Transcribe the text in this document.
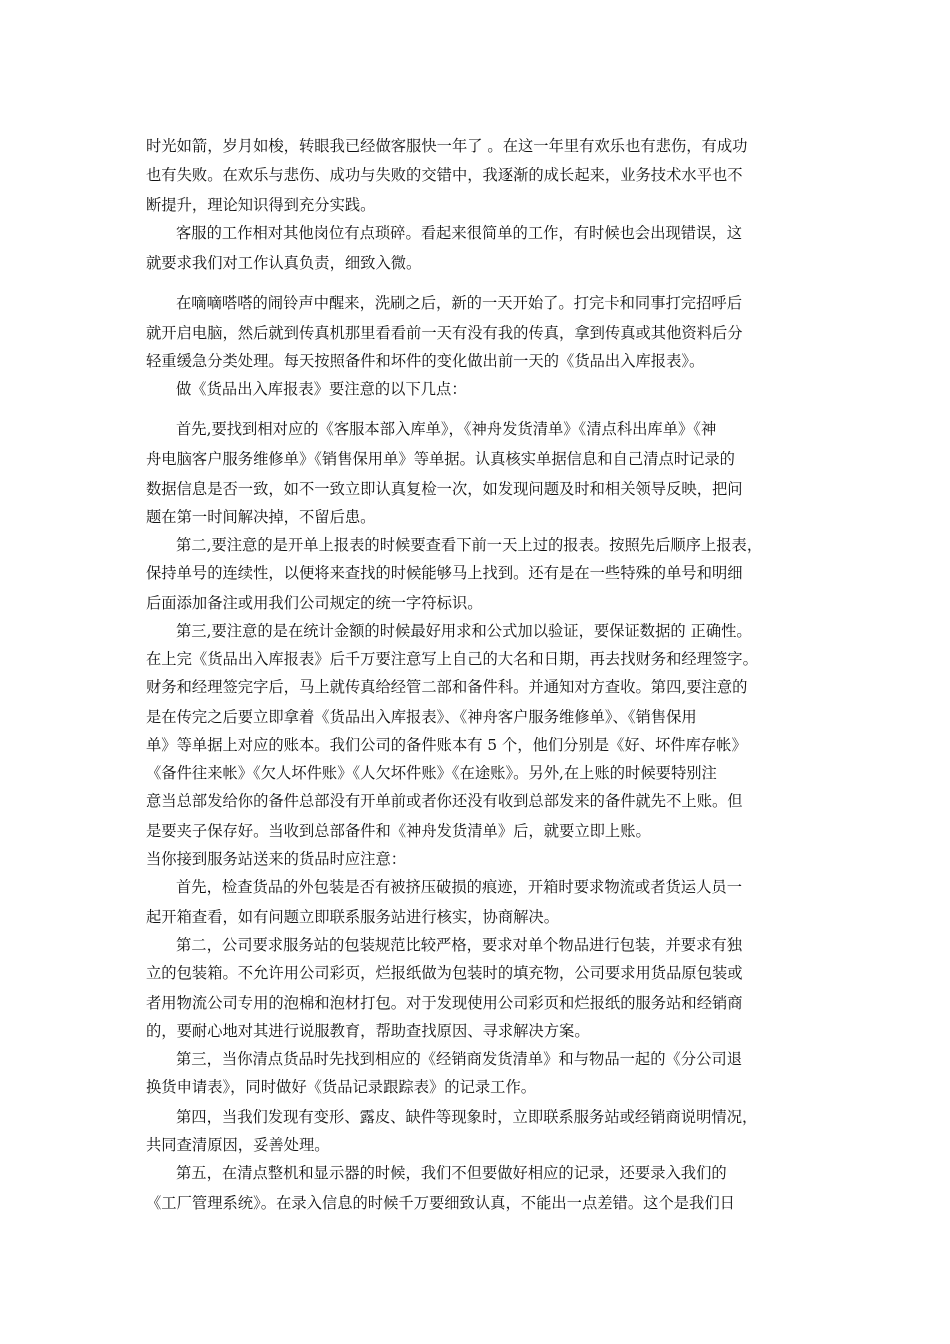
时光如箭，岁月如梭，转眼我已经做客服快一年了 。在这一年里有欢乐也有悲伤，有成功
也有失败。在欢乐与悲伤、成功与失败的交错中，我逐渐的成长起来，业务技术水平也不
断提升，理论知识得到充分实践。
客服的工作相对其他岗位有点琐碎。看起来很简单的工作，有时候也会出现错误，这
就要求我们对工作认真负责，细致入微。
在嘀嘀嗒嗒的闹铃声中醒来，洗刷之后，新的一天开始了。打完卡和同事打完招呼后
就开启电脑，然后就到传真机那里看看前一天有没有我的传真，拿到传真或其他资料后分
轻重缓急分类处理。每天按照备件和坏件的变化做出前一天的《货品出入库报表》。
做《货品出入库报表》要注意的以下几点：
首先,要找到相对应的《客服本部入库单》，《神舟发货清单》《清点科出库单》《神
舟电脑客户服务维修单》《销售保用单》等单据。认真核实单据信息和自己清点时记录的
数据信息是否一致，如不一致立即认真复检一次，如发现问题及时和相关领导反映，把问
题在第一时间解决掉，不留后患。
第二,要注意的是开单上报表的时候要查看下前一天上过的报表。按照先后顺序上报表，
保持单号的连续性，以便将来查找的时候能够马上找到。还有是在一些特殊的单号和明细
后面添加备注或用我们公司规定的统一字符标识。
第三,要注意的是在统计金额的时候最好用求和公式加以验证，要保证数据的 正确性。
在上完《货品出入库报表》后千万要注意写上自己的大名和日期，再去找财务和经理签字。
财务和经理签完字后，马上就传真给经管二部和备件科。并通知对方查收。第四,要注意的
是在传完之后要立即拿着《货品出入库报表》、《神舟客户服务维修单》、《销售保用
单》等单据上对应的账本。我们公司的备件账本有 5 个，他们分别是《好、坏件库存帐》
《备件往来帐》《欠人坏件账》《人欠坏件账》《在途账》。另外,在上账的时候要特别注
意当总部发给你的备件总部没有开单前或者你还没有收到总部发来的备件就先不上账。但
是要夹子保存好。当收到总部备件和《神舟发货清单》后，就要立即上账。
当你接到服务站送来的货品时应注意：
首先，检查货品的外包装是否有被挤压破损的痕迹，开箱时要求物流或者货运人员一
起开箱查看，如有问题立即联系服务站进行核实，协商解决。
第二，公司要求服务站的包装规范比较严格，要求对单个物品进行包装，并要求有独
立的包装箱。不允许用公司彩页，烂报纸做为包装时的填充物，公司要求用货品原包装或
者用物流公司专用的泡棉和泡材打包。对于发现使用公司彩页和烂报纸的服务站和经销商
的，要耐心地对其进行说服教育，帮助查找原因、寻求解决方案。
第三，当你清点货品时先找到相应的《经销商发货清单》和与物品一起的《分公司退
换货申请表》，同时做好《货品记录跟踪表》的记录工作。
第四，当我们发现有变形、露皮、缺件等现象时，立即联系服务站或经销商说明情况，
共同查清原因，妥善处理。
第五，在清点整机和显示器的时候，我们不但要做好相应的记录，还要录入我们的
《工厂管理系统》。在录入信息的时候千万要细致认真，不能出一点差错。这个是我们日
